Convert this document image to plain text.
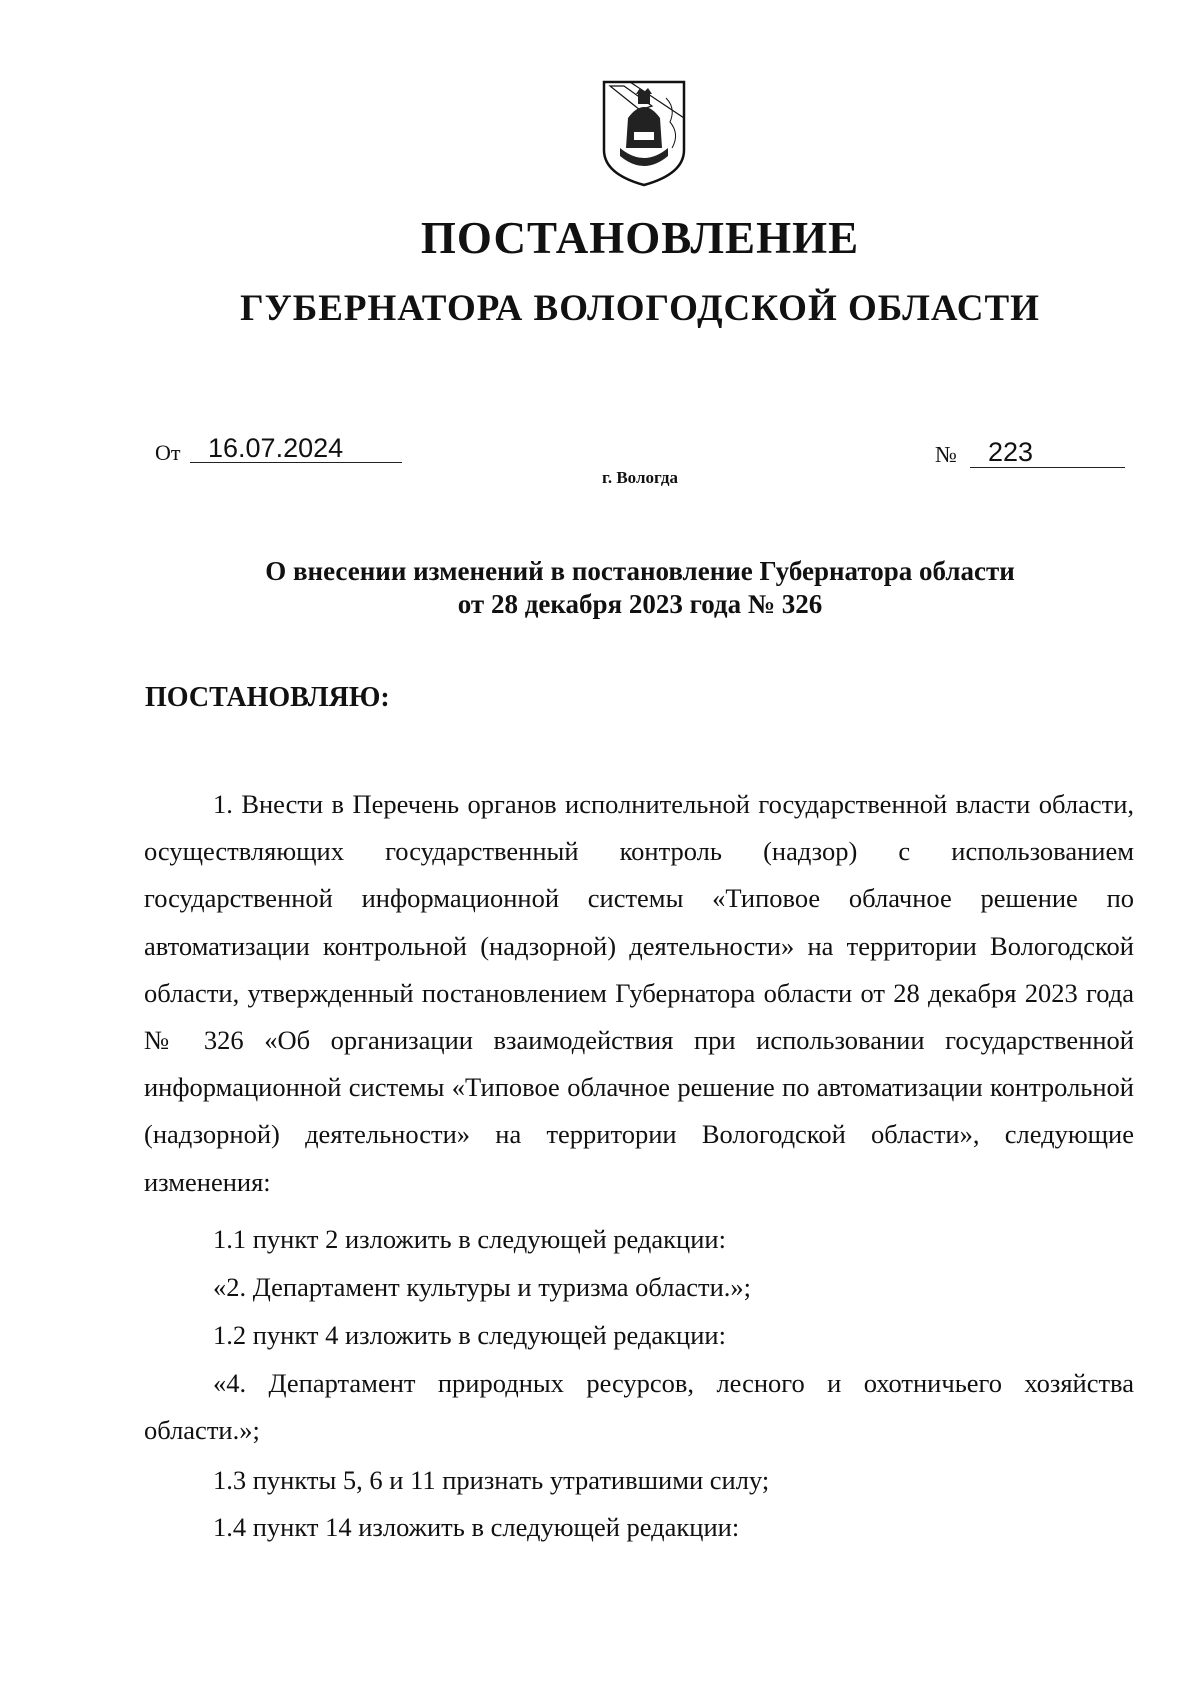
ПОСТАНОВЛЕНИЕ
ГУБЕРНАТОРА ВОЛОГОДСКОЙ ОБЛАСТИ
От 16.07.2024	№ 223
г. Вологда
О внесении изменений в постановление Губернатора области
от 28 декабря 2023 года № 326
ПОСТАНОВЛЯЮ:
1. Внести в Перечень органов исполнительной государственной власти области, осуществляющих государственный контроль (надзор) с использованием государственной информационной системы «Типовое облачное решение по автоматизации контрольной (надзорной) деятельности» на территории Вологодской области, утвержденный постановлением Губернатора области от 28 декабря 2023 года № 326 «Об организации взаимодействия при использовании государственной информационной системы «Типовое облачное решение по автоматизации контрольной (надзорной) деятельности» на территории Вологодской области», следующие изменения:
1.1 пункт 2 изложить в следующей редакции:
«2. Департамент культуры и туризма области.»;
1.2 пункт 4 изложить в следующей редакции:
«4. Департамент природных ресурсов, лесного и охотничьего хозяйства области.»;
1.3 пункты 5, 6 и 11 признать утратившими силу;
1.4 пункт 14 изложить в следующей редакции:
